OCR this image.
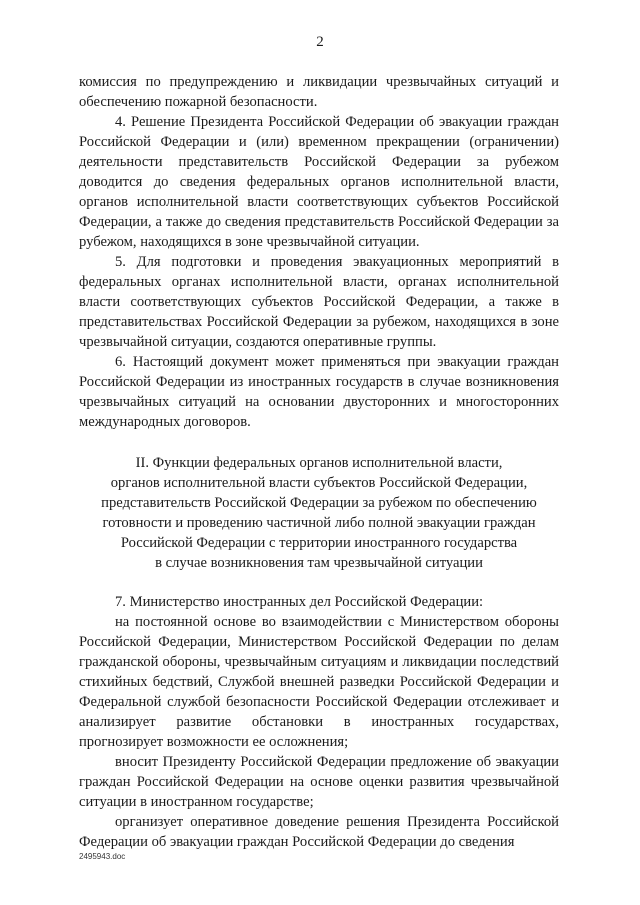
2

комиссия по предупреждению и ликвидации чрезвычайных ситуаций и обеспечению пожарной безопасности.

4. Решение Президента Российской Федерации об эвакуации граждан Российской Федерации и (или) временном прекращении (ограничении) деятельности представительств Российской Федерации за рубежом доводится до сведения федеральных органов исполнительной власти, органов исполнительной власти соответствующих субъектов Российской Федерации, а также до сведения представительств Российской Федерации за рубежом, находящихся в зоне чрезвычайной ситуации.

5. Для подготовки и проведения эвакуационных мероприятий в федеральных органах исполнительной власти, органах исполнительной власти соответствующих субъектов Российской Федерации, а также в представительствах Российской Федерации за рубежом, находящихся в зоне чрезвычайной ситуации, создаются оперативные группы.

6. Настоящий документ может применяться при эвакуации граждан Российской Федерации из иностранных государств в случае возникновения чрезвычайных ситуаций на основании двусторонних и многосторонних международных договоров.

II. Функции федеральных органов исполнительной власти,
органов исполнительной власти субъектов Российской Федерации,
представительств Российской Федерации за рубежом по обеспечению
готовности и проведению частичной либо полной эвакуации граждан
Российской Федерации с территории иностранного государства
в случае возникновения там чрезвычайной ситуации

7. Министерство иностранных дел Российской Федерации:

на постоянной основе во взаимодействии с Министерством обороны Российской Федерации, Министерством Российской Федерации по делам гражданской обороны, чрезвычайным ситуациям и ликвидации последствий стихийных бедствий, Службой внешней разведки Российской Федерации и Федеральной службой безопасности Российской Федерации отслеживает и анализирует развитие обстановки в иностранных государствах, прогнозирует возможности ее осложнения;

вносит Президенту Российской Федерации предложение об эвакуации граждан Российской Федерации на основе оценки развития чрезвычайной ситуации в иностранном государстве;

организует оперативное доведение решения Президента Российской Федерации об эвакуации граждан Российской Федерации до сведения

2495943.doc
